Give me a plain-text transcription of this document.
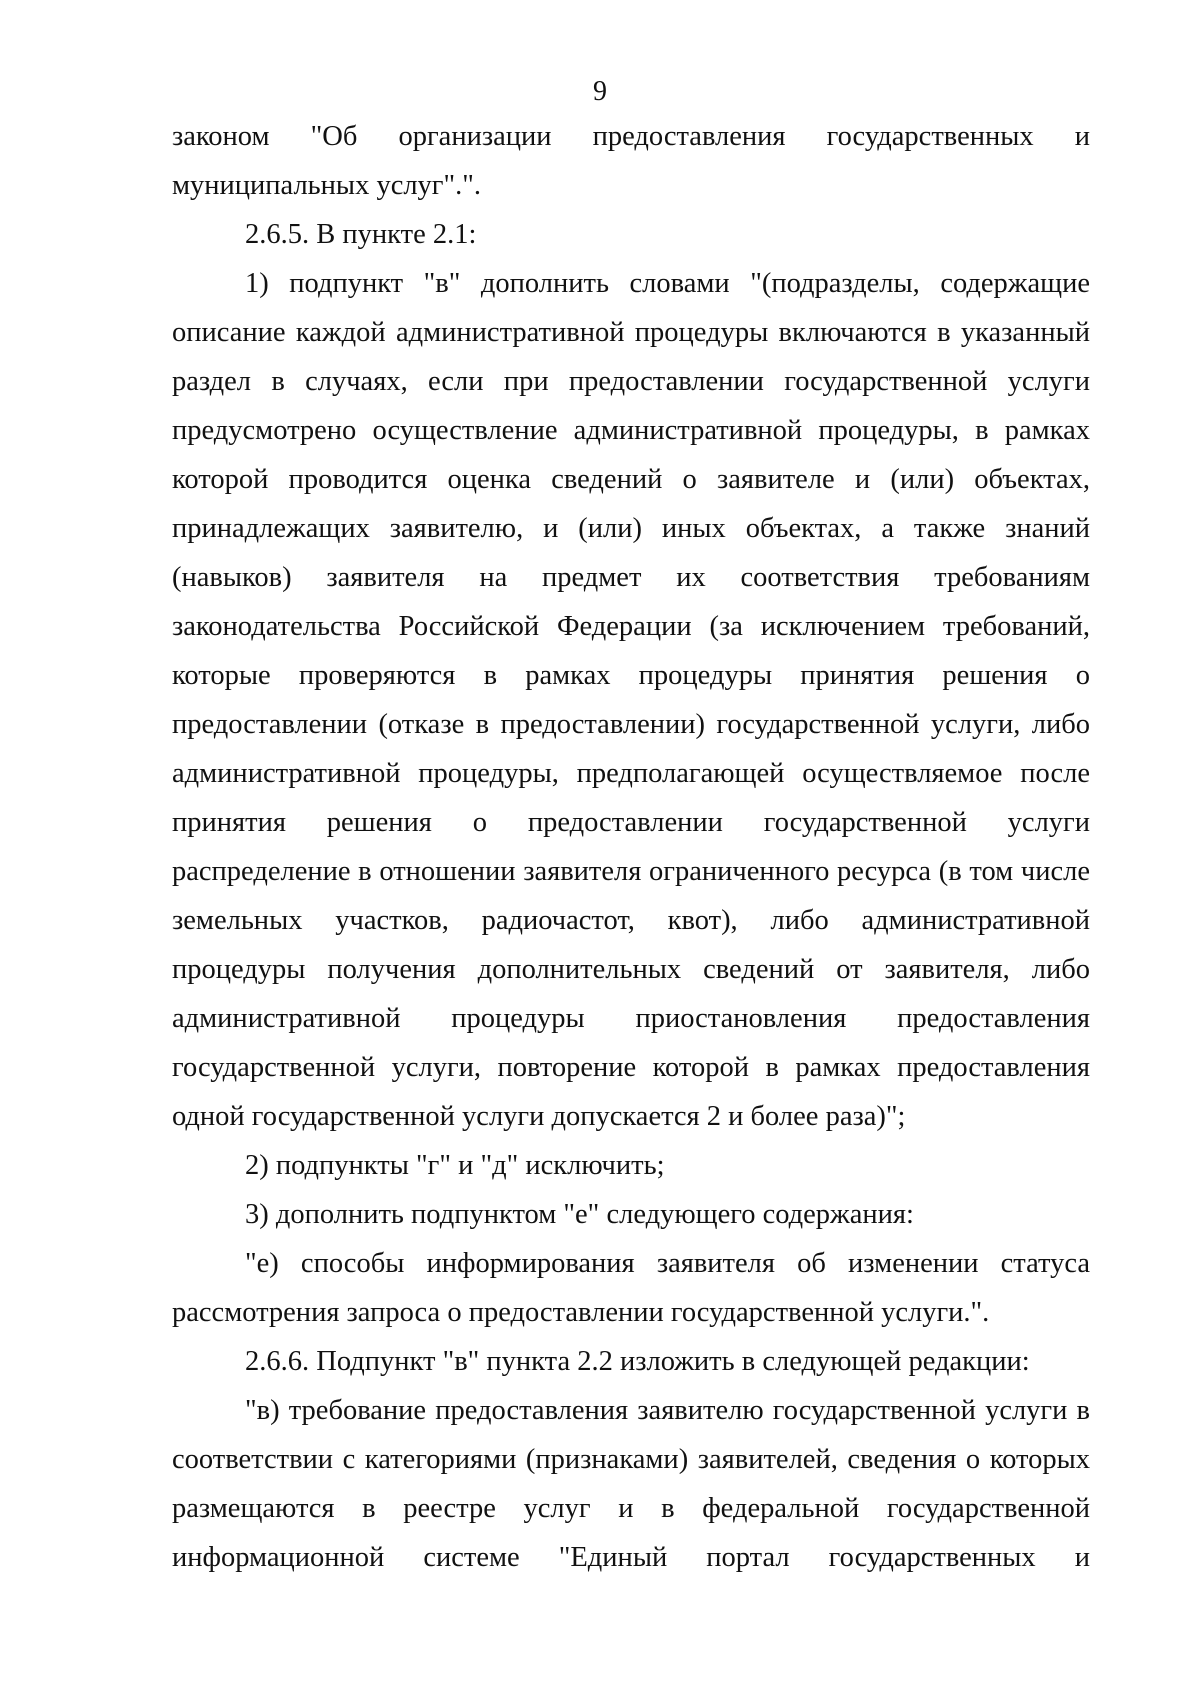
9

законом "Об организации предоставления государственных и муниципальных услуг".".

2.6.5. В пункте 2.1:

1) подпункт "в" дополнить словами "(подразделы, содержащие описание каждой административной процедуры включаются в указанный раздел в случаях, если при предоставлении государственной услуги предусмотрено осуществление административной процедуры, в рамках которой проводится оценка сведений о заявителе и (или) объектах, принадлежащих заявителю, и (или) иных объектах, а также знаний (навыков) заявителя на предмет их соответствия требованиям законодательства Российской Федерации (за исключением требований, которые проверяются в рамках процедуры принятия решения о предоставлении (отказе в предоставлении) государственной услуги, либо административной процедуры, предполагающей осуществляемое после принятия решения о предоставлении государственной услуги распределение в отношении заявителя ограниченного ресурса (в том числе земельных участков, радиочастот, квот), либо административной процедуры получения дополнительных сведений от заявителя, либо административной процедуры приостановления предоставления государственной услуги, повторение которой в рамках предоставления одной государственной услуги допускается 2 и более раза)";

2) подпункты "г" и "д" исключить;

3) дополнить подпунктом "е" следующего содержания:

"е) способы информирования заявителя об изменении статуса рассмотрения запроса о предоставлении государственной услуги.".

2.6.6. Подпункт "в" пункта 2.2 изложить в следующей редакции:

"в) требование предоставления заявителю государственной услуги в соответствии с категориями (признаками) заявителей, сведения о которых размещаются в реестре услуг и в федеральной государственной информационной системе "Единый портал государственных и
